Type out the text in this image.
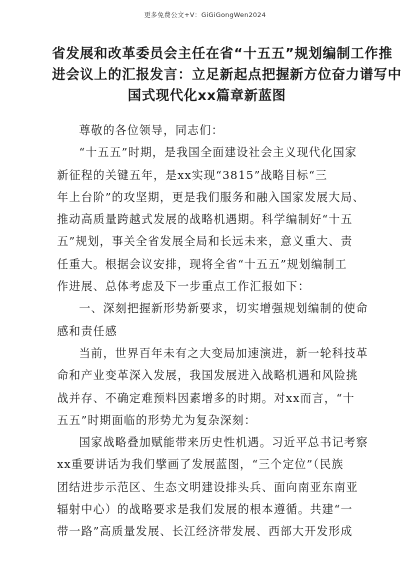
更多免费公文+V：GiGiGongWen2024
省发展和改革委员会主任在省“十五五”规划编制工作推
进会议上的汇报发言：立足新起点把握新方位奋力谱写中
国式现代化xx篇章新蓝图
尊敬的各位领导，同志们：
“十五五”时期，是我国全面建设社会主义现代化国家
新征程的关键五年，是xx实现“3815”战略目标“三
年上台阶”的攻坚期，更是我们服务和融入国家发展大局、
推动高质量跨越式发展的战略机遇期。科学编制好“十五
五”规划，事关全省发展全局和长远未来，意义重大、责
任重大。根据会议安排，现将全省“十五五”规划编制工
作进展、总体考虑及下一步重点工作汇报如下：
一、深刻把握新形势新要求，切实增强规划编制的使命
感和责任感
当前，世界百年未有之大变局加速演进，新一轮科技革
命和产业变革深入发展，我国发展进入战略机遇和风险挑
战并存、不确定难预料因素增多的时期。对xx而言，“十
五五”时期面临的形势尤为复杂深刻：
国家战略叠加赋能带来历史性机遇。习近平总书记考察
xx重要讲话为我们擘画了发展蓝图，“三个定位”（民族
团结进步示范区、生态文明建设排头兵、面向南亚东南亚
辐射中心）的战略要求是我们发展的根本遵循。共建“一
带一路”高质量发展、长江经济带发展、西部大开发形成
